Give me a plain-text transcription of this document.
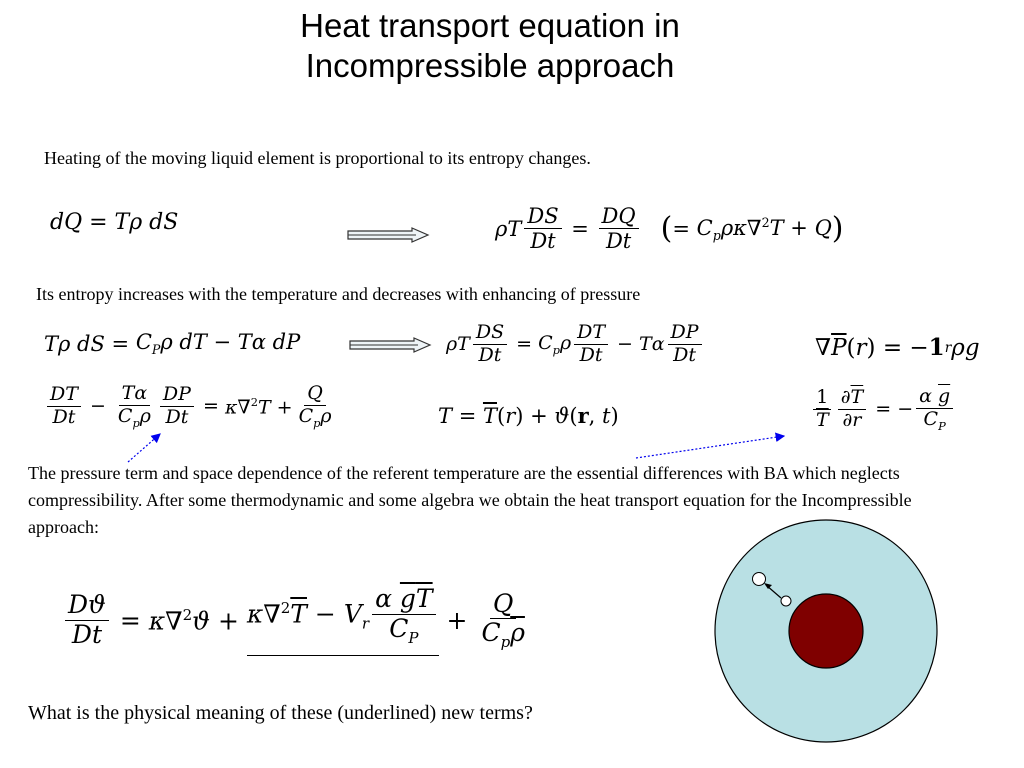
Heat transport equation in
Incompressible approach
Heating of the moving liquid element is proportional to its entropy changes.
dQ = Tρ dS	ρT $\frac{DS}{Dt} = \frac{DQ}{Dt}$ ( = $C_p\rho\kappa\nabla^2T + Q$ )
Its entropy increases with the temperature and decreases with enhancing of pressure
Tρ dS = $C_P\rho$ dT − Tα dP	ρT $\frac{DS}{Dt} = C_p\rho \frac{DT}{Dt} - T\alpha \frac{DP}{Dt}$	∇ $\overline{P}$ ( r ) = − 1 r ρg
$\frac{DT}{Dt} - \frac{T\alpha}{C_p\rho} \frac{DP}{Dt} = \kappa\nabla^2T + \frac{Q}{C_p\rho}$	$T = \overline{T}$ ( r ) + ϑ ( r , t )	$\frac{1}{T} \frac{\partial\overline{T}}{\partial r}$ = − $\frac{\alpha \overline{g}}{C_P}$
The pressure term and space dependence of the referent temperature are the essential differences with BA which neglects compressibility. After some thermodynamic and some algebra we obtain the heat transport equation for the Incompressible approach:
$\frac{Dϑ}{Dt} = \kappa\nabla^2ϑ + \kappa\nabla^2\overline{T} - V_r \frac{\alpha \overline{g}\overline{T}}{C_P} + \frac{Q}{C_p\overline{\rho}}$
What is the physical meaning of these (underlined) new terms?
